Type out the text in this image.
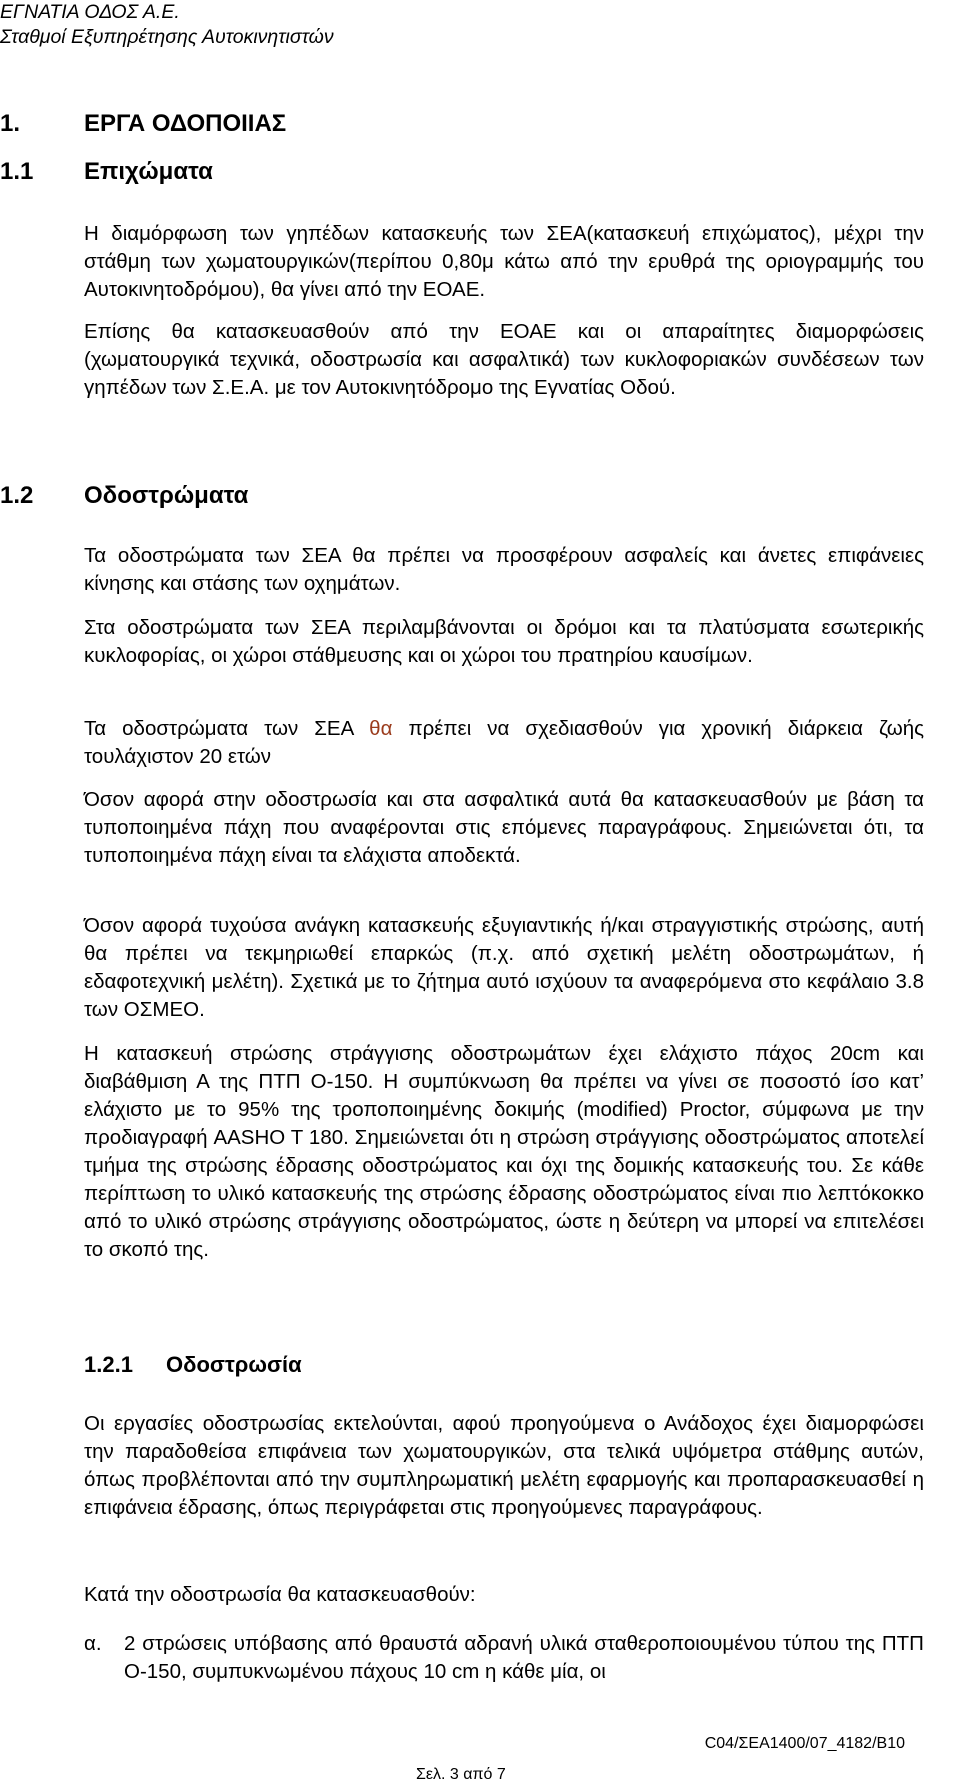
ΕΓΝΑΤΙΑ ΟΔΟΣ Α.Ε.
Σταθμοί Εξυπηρέτησης Αυτοκινητιστών
1.	ΕΡΓΑ ΟΔΟΠΟΙΙΑΣ
1.1 Επιχώματα
Η διαμόρφωση των γηπέδων κατασκευής των ΣΕΑ(κατασκευή επιχώματος), μέχρι την στάθμη των χωματουργικών(περίπου 0,80μ κάτω από την ερυθρά της οριογραμμής του Αυτοκινητοδρόμου), θα γίνει από την ΕΟΑΕ.
Επίσης θα κατασκευασθούν από την ΕΟΑΕ και οι απαραίτητες διαμορφώσεις (χωματουργικά τεχνικά, οδοστρωσία και ασφαλτικά) των κυκλοφοριακών συνδέσεων των γηπέδων των Σ.Ε.Α. με τον Αυτοκινητόδρομο της Εγνατίας Οδού.
1.2 Οδοστρώματα
Τα οδοστρώματα των ΣΕΑ θα πρέπει να προσφέρουν ασφαλείς και άνετες επιφάνειες κίνησης και στάσης των οχημάτων.
Στα οδοστρώματα των ΣΕΑ περιλαμβάνονται οι δρόμοι και τα πλατύσματα εσωτερικής κυκλοφορίας, οι χώροι στάθμευσης και οι χώροι του πρατηρίου καυσίμων.
Τα οδοστρώματα των ΣΕΑ θα πρέπει να σχεδιασθούν για χρονική διάρκεια ζωής τουλάχιστον 20 ετών
Όσον αφορά στην οδοστρωσία και στα ασφαλτικά αυτά θα κατασκευασθούν με βάση τα τυποποιημένα πάχη που αναφέρονται στις επόμενες παραγράφους. Σημειώνεται ότι, τα τυποποιημένα πάχη είναι τα ελάχιστα αποδεκτά.
Όσον αφορά τυχούσα ανάγκη κατασκευής εξυγιαντικής ή/και στραγγιστικής στρώσης, αυτή θα πρέπει να τεκμηριωθεί επαρκώς (π.χ. από σχετική μελέτη οδοστρωμάτων, ή εδαφοτεχνική μελέτη). Σχετικά με το ζήτημα αυτό ισχύουν τα αναφερόμενα στο κεφάλαιο 3.8 των ΟΣΜΕΟ.
Η κατασκευή στρώσης στράγγισης οδοστρωμάτων έχει ελάχιστο πάχος 20cm και διαβάθμιση Α της ΠΤΠ Ο-150. Η συμπύκνωση θα πρέπει να γίνει σε ποσοστό ίσο κατ’ ελάχιστο με το 95% της τροποποιημένης δοκιμής (modified) Proctor, σύμφωνα με την προδιαγραφή AASHO T 180. Σημειώνεται ότι η στρώση στράγγισης οδοστρώματος αποτελεί τμήμα της στρώσης έδρασης οδοστρώματος και όχι της δομικής κατασκευής του. Σε κάθε περίπτωση το υλικό κατασκευής της στρώσης έδρασης οδοστρώματος είναι πιο λεπτόκοκκο από το υλικό στρώσης στράγγισης οδοστρώματος, ώστε η δεύτερη να μπορεί να επιτελέσει το σκοπό της.
1.2.1 Οδοστρωσία
Οι εργασίες οδοστρωσίας εκτελούνται, αφού προηγούμενα ο Ανάδοχος έχει διαμορφώσει την παραδοθείσα επιφάνεια των χωματουργικών, στα τελικά υψόμετρα στάθμης αυτών, όπως προβλέπονται από την συμπληρωματική μελέτη εφαρμογής και προπαρασκευασθεί η επιφάνεια έδρασης, όπως περιγράφεται στις προηγούμενες παραγράφους.
Κατά την οδοστρωσία θα κατασκευασθούν:
α. 2 στρώσεις υπόβασης από θραυστά αδρανή υλικά σταθεροποιουμένου τύπου της ΠΤΠ Ο-150, συμπυκνωμένου πάχους 10 cm η κάθε μία, οι
C04/ΣΕΑ1400/07_4182/B10
Σελ. 3 από 7
